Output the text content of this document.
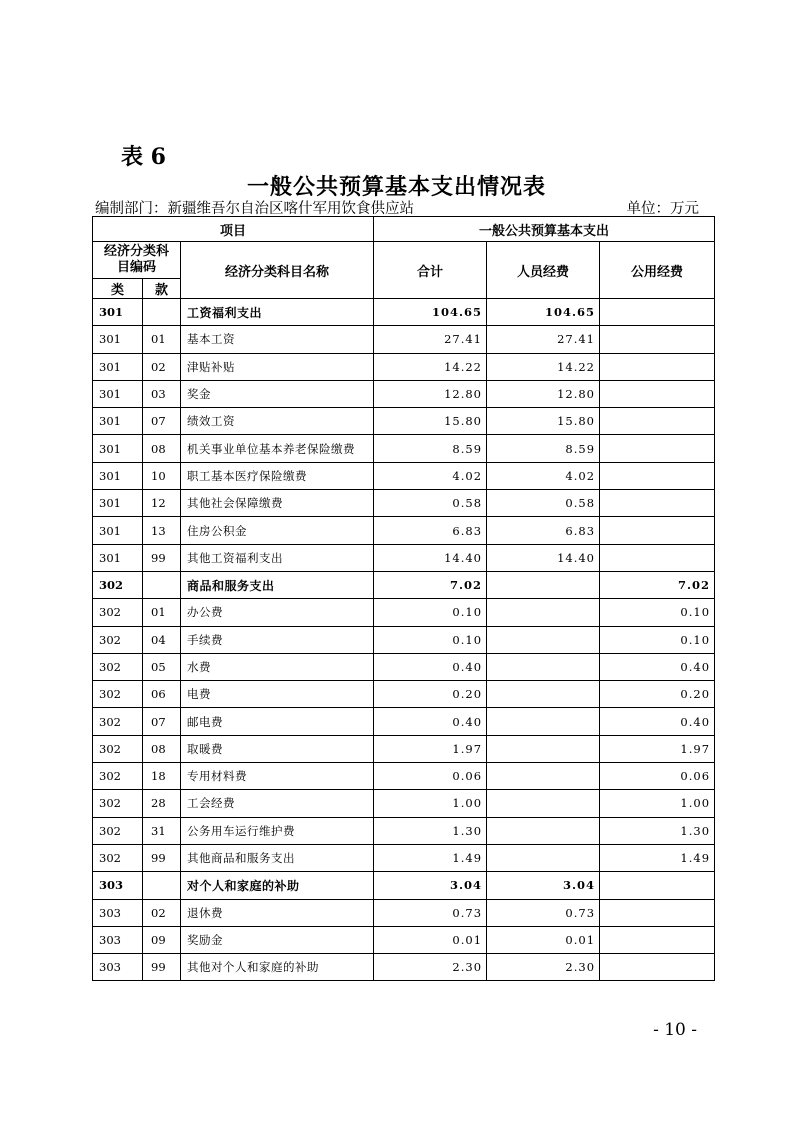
表 6
一般公共预算基本支出情况表
编制部门：新疆维吾尔自治区喀什军用饮食供应站	单位：万元
项目			一般公共预算基本支出		

经济分类科
目编码		经济分类科目名称	合计	人员经费	公用经费
类	款				
301		工资福利支出	104.65	104.65	
301	01	基本工资	27.41	27.41	
301	02	津贴补贴	14.22	14.22	
301	03	奖金	12.80	12.80	
301	07	绩效工资	15.80	15.80	
301	08	机关事业单位基本养老保险缴费	8.59	8.59	
301	10	职工基本医疗保险缴费	4.02	4.02	
301	12	其他社会保障缴费	0.58	0.58	
301	13	住房公积金	6.83	6.83	
301	99	其他工资福利支出	14.40	14.40	
302		商品和服务支出	7.02		7.02
302	01	办公费	0.10		0.10
302	04	手续费	0.10		0.10
302	05	水费	0.40		0.40
302	06	电费	0.20		0.20
302	07	邮电费	0.40		0.40
302	08	取暖费	1.97		1.97
302	18	专用材料费	0.06		0.06
302	28	工会经费	1.00		1.00
302	31	公务用车运行维护费	1.30		1.30
302	99	其他商品和服务支出	1.49		1.49
303		对个人和家庭的补助	3.04	3.04	
303	02	退休费	0.73	0.73	
303	09	奖励金	0.01	0.01	
303	99	其他对个人和家庭的补助	2.30	2.30	
- 10 -
